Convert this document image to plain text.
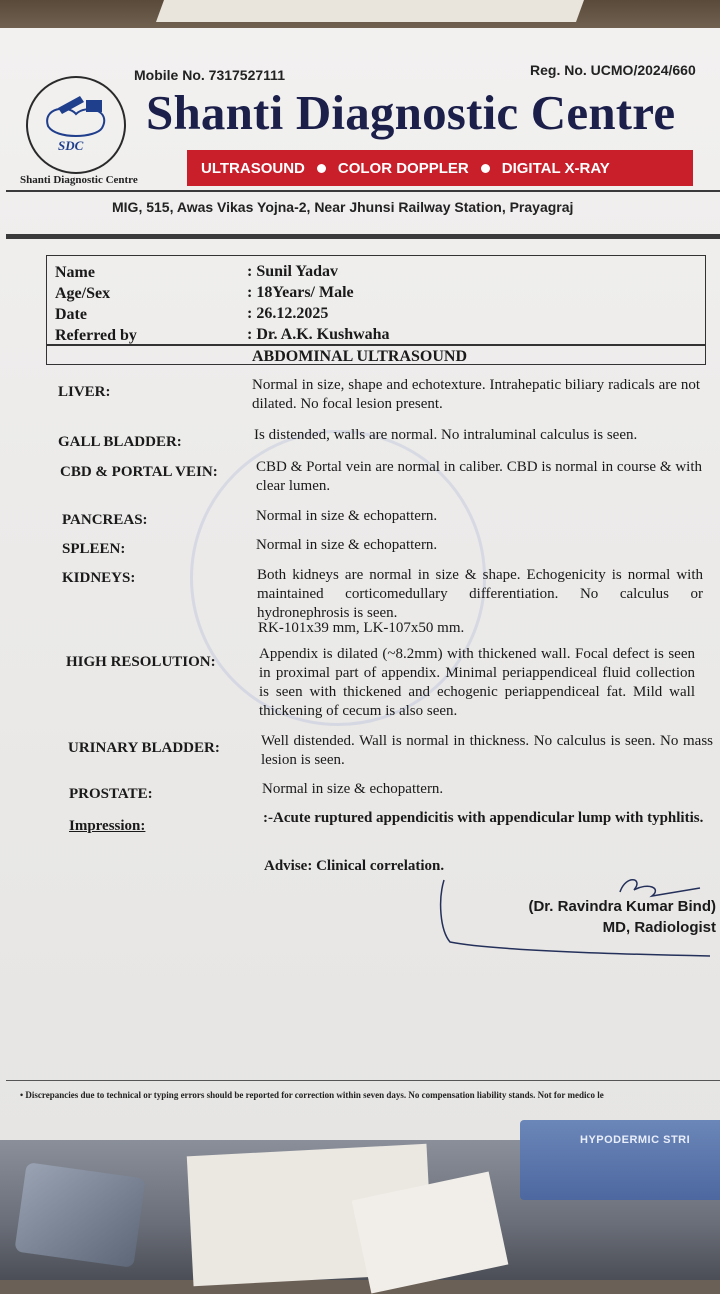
SDC
Shanti Diagnostic Centre
Mobile No. 7317527111	Reg. No. UCMO/2024/660
Shanti Diagnostic Centre
ULTRASOUND COLOR DOPPLER DIGITAL X-RAY
MIG, 515, Awas Vikas Yojna-2, Near Jhunsi Railway Station, Prayagraj
Name	: Sunil Yadav
Age/Sex	: 18Years/ Male
Date	: 26.12.2025
Referred by	: Dr. A.K. Kushwaha
ABDOMINAL ULTRASOUND
LIVER:	Normal in size, shape and echotexture. Intrahepatic biliary radicals are not dilated. No focal lesion present.
GALL BLADDER:	Is distended, walls are normal. No intraluminal calculus is seen.
CBD & PORTAL VEIN:	CBD & Portal vein are normal in caliber. CBD is normal in course & with clear lumen.
PANCREAS:	Normal in size & echopattern.
SPLEEN:	Normal in size & echopattern.
KIDNEYS:	Both kidneys are normal in size & shape. Echogenicity is normal with maintained corticomedullary differentiation. No calculus or hydronephrosis is seen.
RK-101x39 mm, LK-107x50 mm.
HIGH RESOLUTION:	Appendix is dilated (~8.2mm) with thickened wall. Focal defect is seen in proximal part of appendix. Minimal periappendiceal fluid collection is seen with thickened and echogenic periappendiceal fat. Mild wall thickening of cecum is also seen.
URINARY BLADDER:	Well distended. Wall is normal in thickness. No calculus is seen. No mass lesion is seen.
PROSTATE:	Normal in size & echopattern.
Impression:	:-Acute ruptured appendicitis with appendicular lump with typhlitis.
Advise: Clinical correlation.
(Dr. Ravindra Kumar Bind)
MD, Radiologist
• Discrepancies due to technical or typing errors should be reported for correction within seven days. No compensation liability stands. Not for medico le
HYPODERMIC STRI
